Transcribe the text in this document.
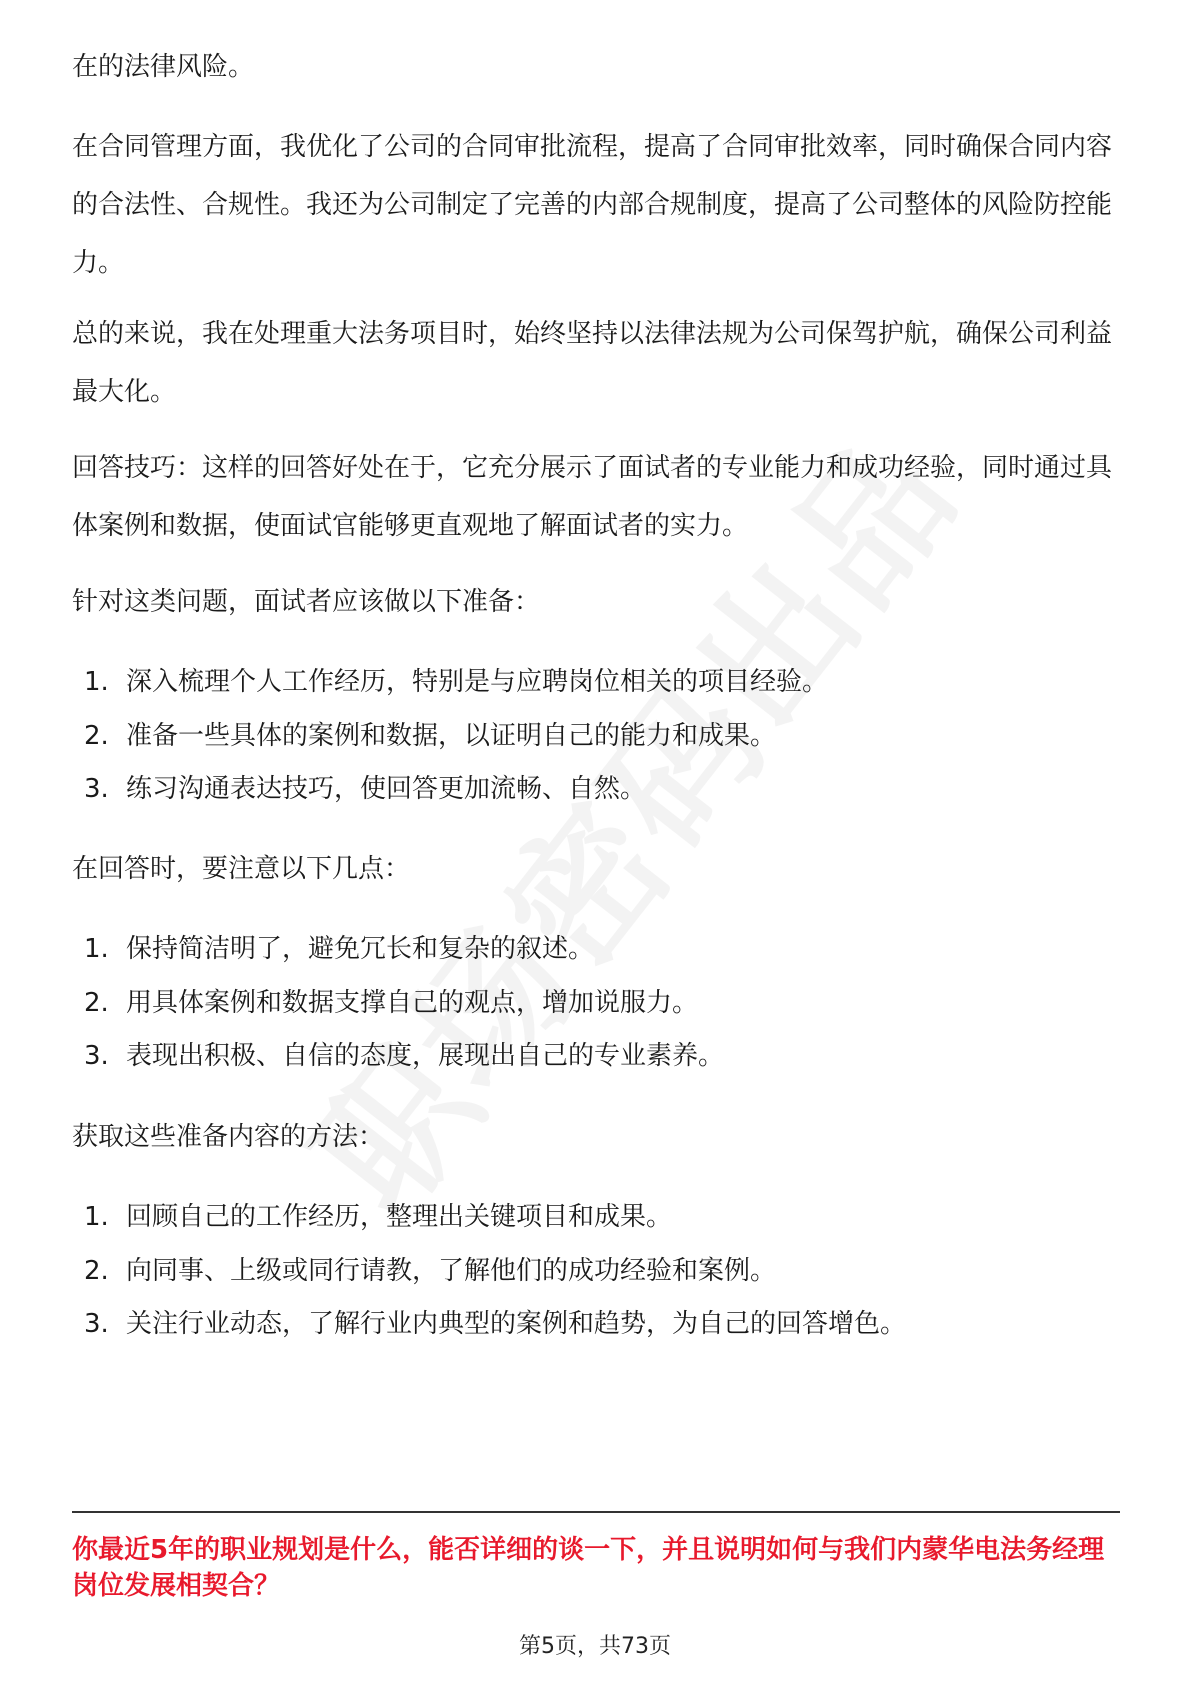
在的法律风险。

在合同管理方面，我优化了公司的合同审批流程，提高了合同审批效率，同时确保合同内容的合法性、合规性。我还为公司制定了完善的内部合规制度，提高了公司整体的风险防控能力。

总的来说，我在处理重大法务项目时，始终坚持以法律法规为公司保驾护航，确保公司利益最大化。

回答技巧：这样的回答好处在于，它充分展示了面试者的专业能力和成功经验，同时通过具体案例和数据，使面试官能够更直观地了解面试者的实力。

针对这类问题，面试者应该做以下准备：

1. 深入梳理个人工作经历，特别是与应聘岗位相关的项目经验。

2. 准备一些具体的案例和数据，以证明自己的能力和成果。

3. 练习沟通表达技巧，使回答更加流畅、自然。

在回答时，要注意以下几点：

1. 保持简洁明了，避免冗长和复杂的叙述。

2. 用具体案例和数据支撑自己的观点，增加说服力。

3. 表现出积极、自信的态度，展现出自己的专业素养。

获取这些准备内容的方法：

1. 回顾自己的工作经历，整理出关键项目和成果。

2. 向同事、上级或同行请教，了解他们的成功经验和案例。

3. 关注行业动态，了解行业内典型的案例和趋势，为自己的回答增色。

你最近5年的职业规划是什么，能否详细的谈一下，并且说明如何与我们内蒙华电法务经理岗位发展相契合？

第5页，共73页
